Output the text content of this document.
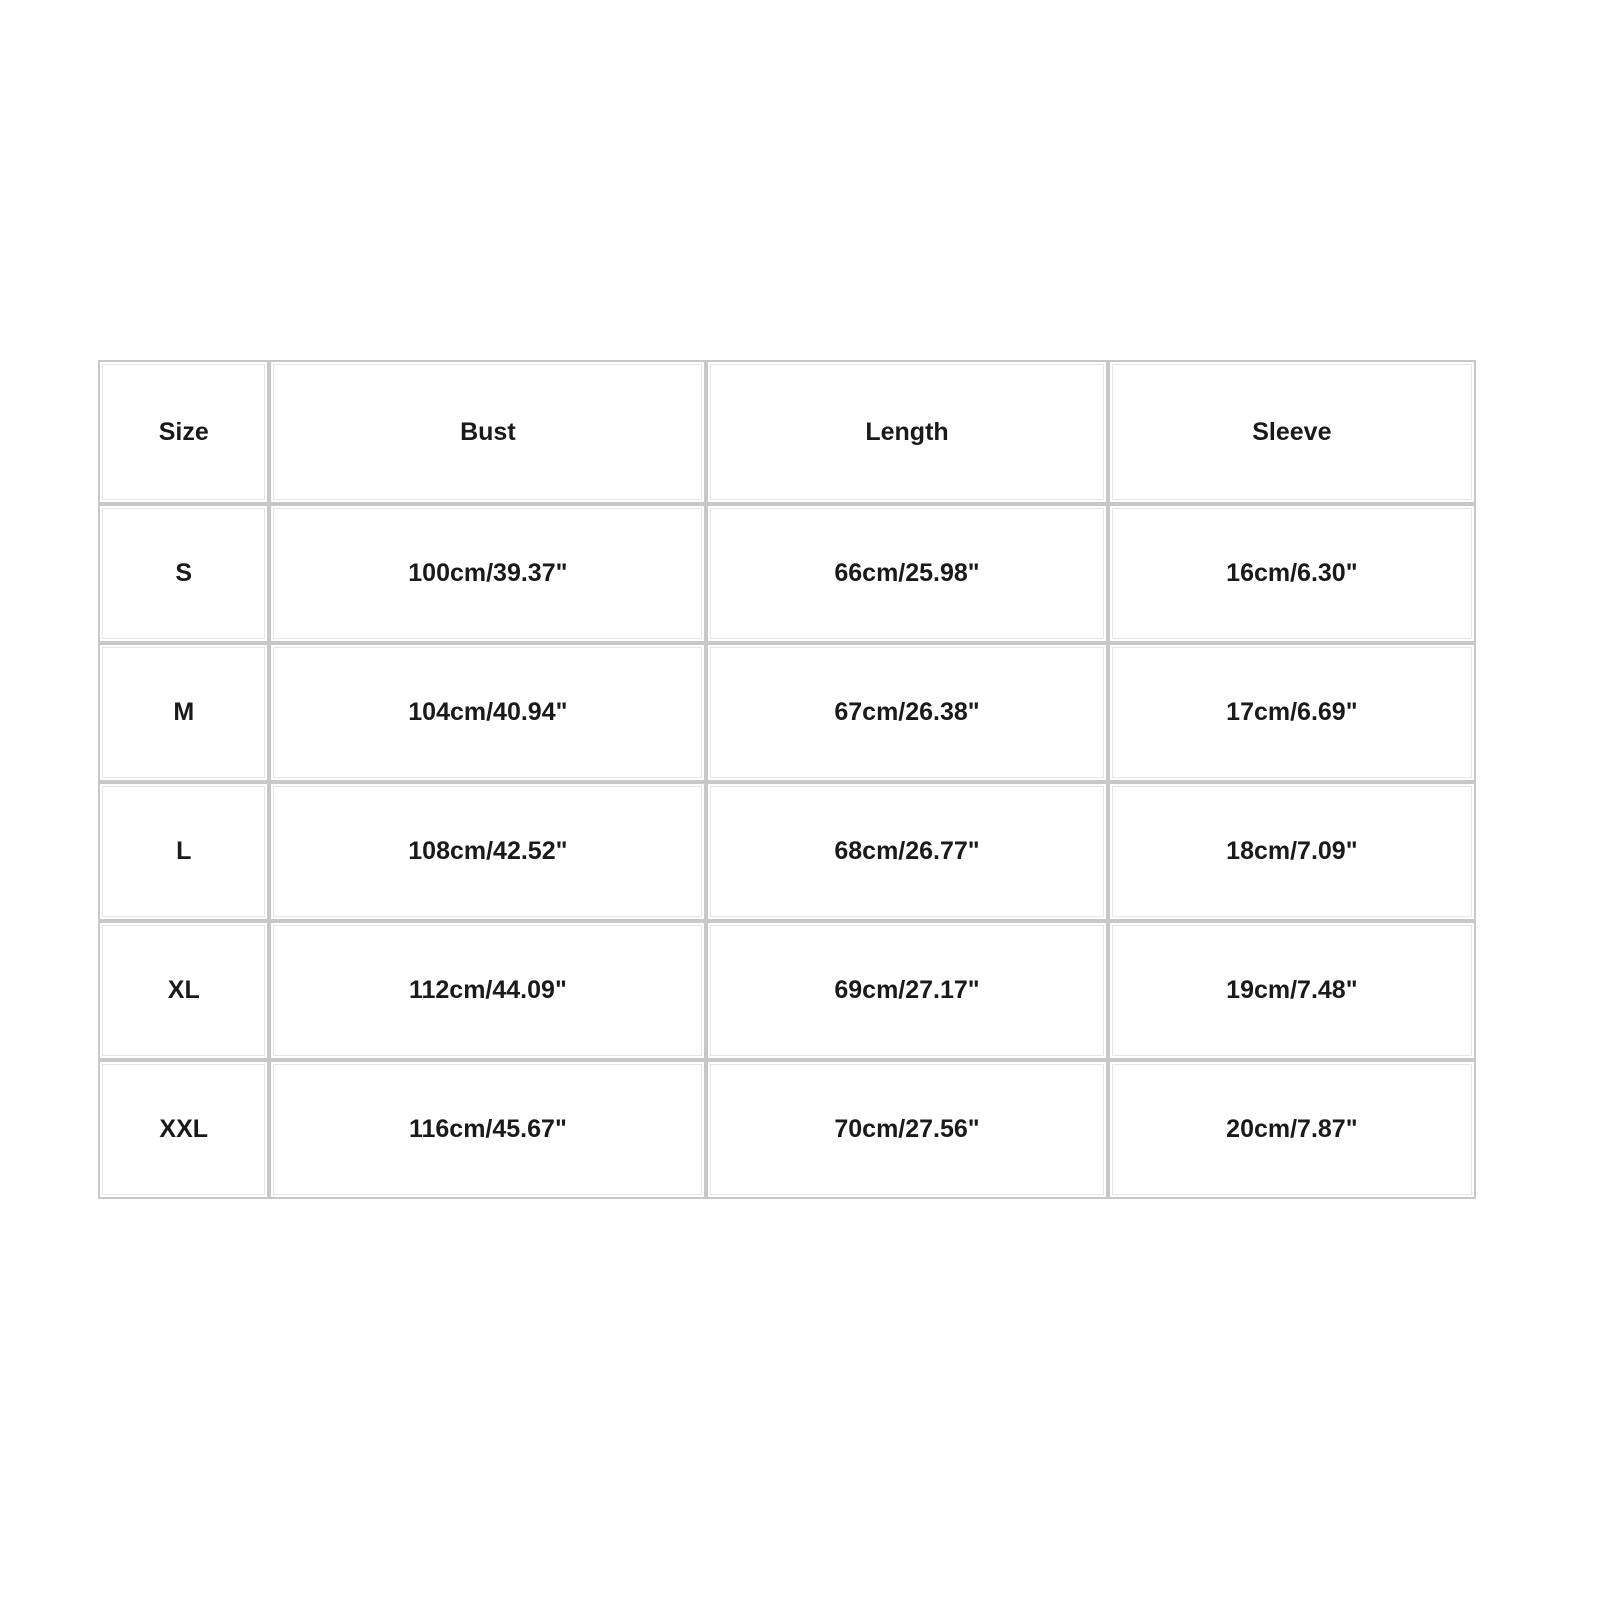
Size	Bust	Length	Sleeve
S	100cm/39.37"	66cm/25.98"	16cm/6.30"
M	104cm/40.94"	67cm/26.38"	17cm/6.69"
L	108cm/42.52"	68cm/26.77"	18cm/7.09"
XL	112cm/44.09"	69cm/27.17"	19cm/7.48"
XXL	116cm/45.67"	70cm/27.56"	20cm/7.87"
